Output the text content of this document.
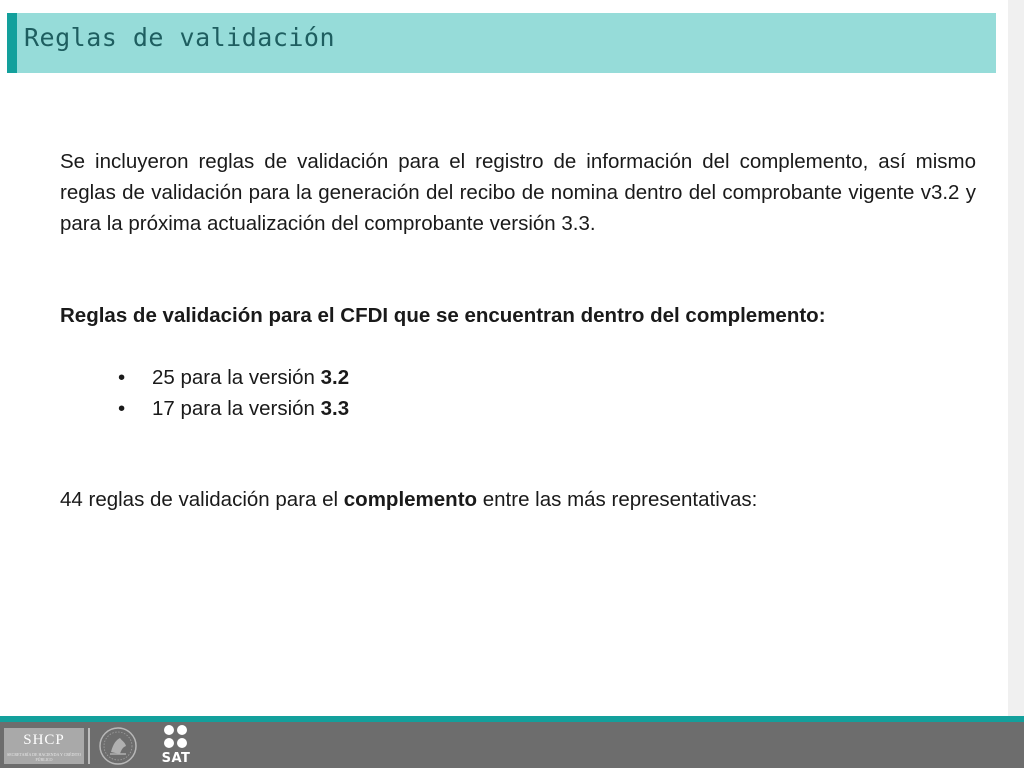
Reglas de validación

Se incluyeron reglas de validación para el registro de información del complemento, así mismo reglas de validación para la generación del recibo de nomina dentro del comprobante vigente v3.2 y para la próxima actualización del comprobante versión 3.3.

Reglas de validación para el CFDI que se encuentran dentro del complemento:

• 25 para la versión 3.2
• 17 para la versión 3.3

44 reglas de validación para el complemento entre las más representativas:

SHCP
SECRETARÍA DE HACIENDA Y CRÉDITO PÚBLICO	SAT
